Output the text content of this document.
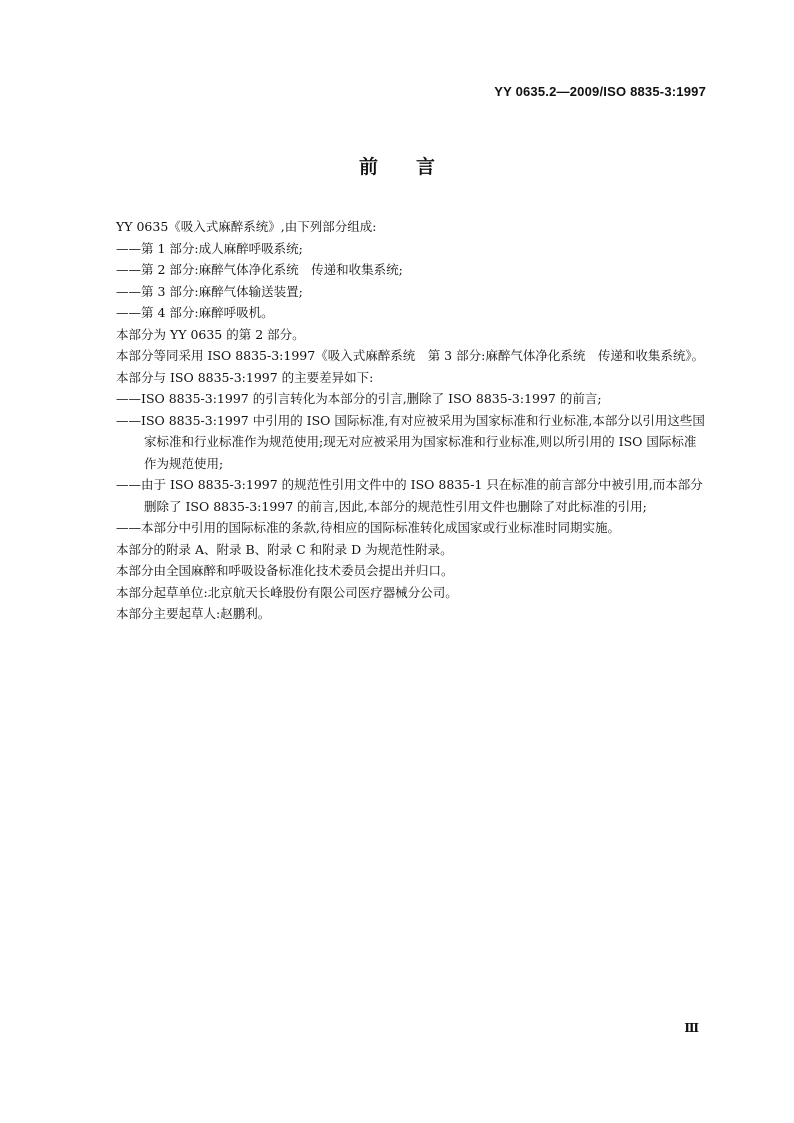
YY 0635.2—2009/ISO 8835-3:1997
前言

YY 0635《吸入式麻醉系统》,由下列部分组成:

——第 1 部分:成人麻醉呼吸系统;

——第 2 部分:麻醉气体净化系统　传递和收集系统;

——第 3 部分:麻醉气体输送装置;

——第 4 部分:麻醉呼吸机。

本部分为 YY 0635 的第 2 部分。

本部分等同采用 ISO 8835-3:1997《吸入式麻醉系统　第 3 部分:麻醉气体净化系统　传递和收集系统》。

本部分与 ISO 8835-3:1997 的主要差异如下:

——ISO 8835-3:1997 的引言转化为本部分的引言,删除了 ISO 8835-3:1997 的前言;

——ISO 8835-3:1997 中引用的 ISO 国际标准,有对应被采用为国家标准和行业标准,本部分以引用这些国家标准和行业标准作为规范使用;现无对应被采用为国家标准和行业标准,则以所引用的 ISO 国际标准作为规范使用;

——由于 ISO 8835-3:1997 的规范性引用文件中的 ISO 8835-1 只在标准的前言部分中被引用,而本部分删除了 ISO 8835-3:1997 的前言,因此,本部分的规范性引用文件也删除了对此标准的引用;

——本部分中引用的国际标准的条款,待相应的国际标准转化成国家或行业标准时同期实施。

本部分的附录 A、附录 B、附录 C 和附录 D 为规范性附录。

本部分由全国麻醉和呼吸设备标准化技术委员会提出并归口。

本部分起草单位:北京航天长峰股份有限公司医疗器械分公司。

本部分主要起草人:赵鹏利。

Ⅲ
